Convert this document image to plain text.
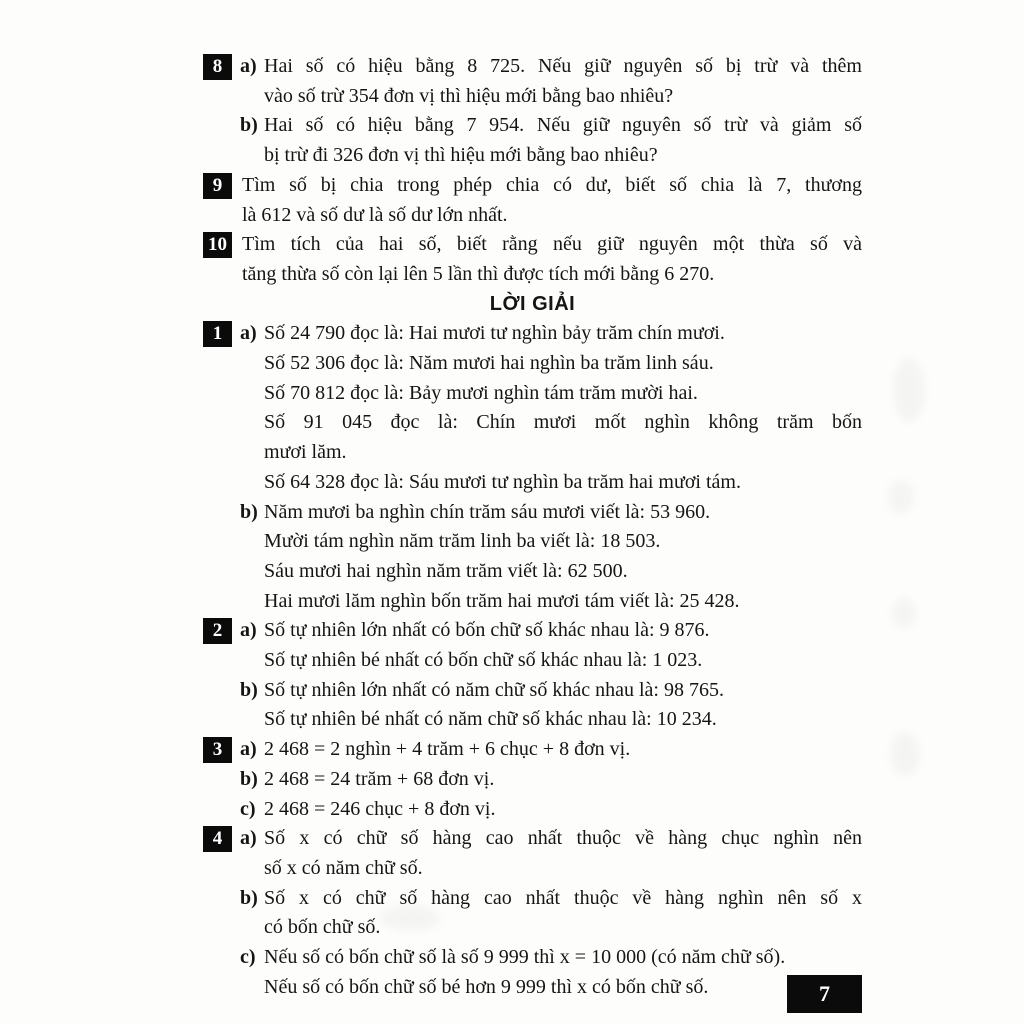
8 a) Hai số có hiệu bằng 8 725. Nếu giữ nguyên số bị trừ và thêm
vào số trừ 354 đơn vị thì hiệu mới bằng bao nhiêu?
b) Hai số có hiệu bằng 7 954. Nếu giữ nguyên số trừ và giảm số
bị trừ đi 326 đơn vị thì hiệu mới bằng bao nhiêu?
9 Tìm số bị chia trong phép chia có dư, biết số chia là 7, thương
là 612 và số dư là số dư lớn nhất.
10 Tìm tích của hai số, biết rằng nếu giữ nguyên một thừa số và
tăng thừa số còn lại lên 5 lần thì được tích mới bằng 6 270.
LỜI GIẢI
1 a) Số 24 790 đọc là: Hai mươi tư nghìn bảy trăm chín mươi.
Số 52 306 đọc là: Năm mươi hai nghìn ba trăm linh sáu.
Số 70 812 đọc là: Bảy mươi nghìn tám trăm mười hai.
Số 91 045 đọc là: Chín mươi mốt nghìn không trăm bốn
mươi lăm.
Số 64 328 đọc là: Sáu mươi tư nghìn ba trăm hai mươi tám.
b) Năm mươi ba nghìn chín trăm sáu mươi viết là: 53 960.
Mười tám nghìn năm trăm linh ba viết là: 18 503.
Sáu mươi hai nghìn năm trăm viết là: 62 500.
Hai mươi lăm nghìn bốn trăm hai mươi tám viết là: 25 428.
2 a) Số tự nhiên lớn nhất có bốn chữ số khác nhau là: 9 876.
Số tự nhiên bé nhất có bốn chữ số khác nhau là: 1 023.
b) Số tự nhiên lớn nhất có năm chữ số khác nhau là: 98 765.
Số tự nhiên bé nhất có năm chữ số khác nhau là: 10 234.
3 a) 2 468 = 2 nghìn + 4 trăm + 6 chục + 8 đơn vị.
b) 2 468 = 24 trăm + 68 đơn vị.
c) 2 468 = 246 chục + 8 đơn vị.
4 a) Số x có chữ số hàng cao nhất thuộc về hàng chục nghìn nên
số x có năm chữ số.
b) Số x có chữ số hàng cao nhất thuộc về hàng nghìn nên số x
có bốn chữ số.
c) Nếu số có bốn chữ số là số 9 999 thì x = 10 000 (có năm chữ số).
Nếu số có bốn chữ số bé hơn 9 999 thì x có bốn chữ số.	7
